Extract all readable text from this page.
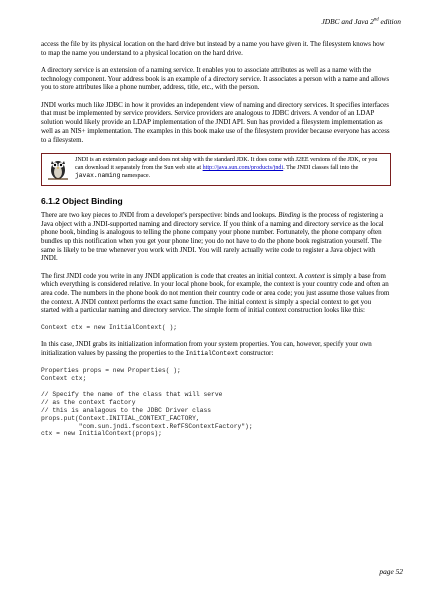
JDBC and Java 2nd edition

access the file by its physical location on the hard drive but instead by a name you have given it. The filesystem knows how to map the name you understand to a physical location on the hard drive.

A directory service is an extension of a naming service. It enables you to associate attributes as well as a name with the technology component. Your address book is an example of a directory service. It associates a person with a name and allows you to store attributes like a phone number, address, title, etc., with the person.

JNDI works much like JDBC in how it provides an independent view of naming and directory services. It specifies interfaces that must be implemented by service providers. Service providers are analogous to JDBC drivers. A vendor of an LDAP solution would likely provide an LDAP implementation of the JNDI API. Sun has provided a filesystem implementation as well as an NIS+ implementation. The examples in this book make use of the filesystem provider because everyone has access to a filesystem.

JNDI is an extension package and does not ship with the standard JDK. It does come with J2EE versions of the JDK, or you can download it separately from the Sun web site at http://java.sun.com/products/jndi. The JNDI classes fall into the javax.naming namespace.
6.1.2 Object Binding

There are two key pieces to JNDI from a developer's perspective: binds and lookups. Binding is the process of registering a Java object with a JNDI-supported naming and directory service. If you think of a naming and directory service as the local phone book, binding is analogous to telling the phone company your phone number. Fortunately, the phone company often bundles up this notification when you get your phone line; you do not have to do the phone book registration yourself. The same is likely to be true whenever you work with JNDI. You will rarely actually write code to register a Java object with JNDI.

The first JNDI code you write in any JNDI application is code that creates an initial context. A context is simply a base from which everything is considered relative. In your local phone book, for example, the context is your country code and often an area code. The numbers in the phone book do not mention their country code or area code; you just assume those values from the context. A JNDI context performs the exact same function. The initial context is simply a special context to get you started with a particular naming and directory service. The simple form of initial context construction looks like this:

Context ctx = new InitialContext( );

In this case, JNDI grabs its initialization information from your system properties. You can, however, specify your own initialization values by passing the properties to the InitialContext constructor:

Properties props = new Properties( );
Context ctx;

// Specify the name of the class that will serve
// as the context factory
// this is analagous to the JDBC Driver class
props.put(Context.INITIAL_CONTEXT_FACTORY,
"com.sun.jndi.fscontext.RefFSContextFactory");
ctx = new InitialContext(props);
page 52
